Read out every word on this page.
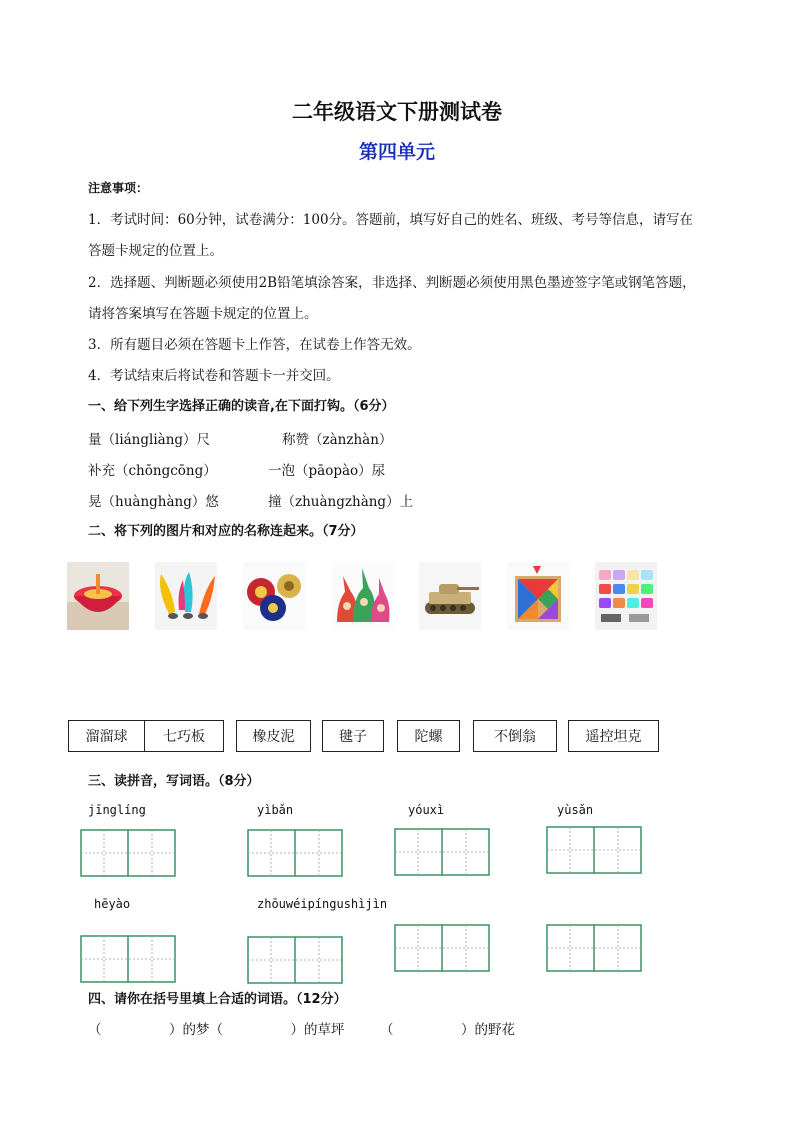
二年级语文下册测试卷
第四单元
注意事项：
1．考试时间：60分钟，试卷满分：100分。答题前，填写好自己的姓名、班级、考号等信息，请写在
答题卡规定的位置上。
2．选择题、判断题必须使用2B铅笔填涂答案，非选择、判断题必须使用黑色墨迹签字笔或钢笔答题，
请将答案填写在答题卡规定的位置上。
3．所有题目必须在答题卡上作答，在试卷上作答无效。
4．考试结束后将试卷和答题卡一并交回。
一、给下列生字选择正确的读音,在下面打钩。（6分）
量（liángliàng）尺	称赞（zànzhàn）
补充（chōngcōng）	一泡（pāopào）尿
晃（huànghàng）悠	撞（zhuàngzhàng）上
二、将下列的图片和对应的名称连起来。（7分）
溜溜球	七巧板	橡皮泥	毽子	陀螺	不倒翁	遥控坦克
三、读拼音，写词语。（8分）
jīnglíng	yìbǎn	yóuxì	yùsǎn
hēyào	zhōuwéipíngushìjìn
四、请你在括号里填上合适的词语。（12分）
（　　　　　）的梦（　　　　　）的草坪	（　　　　　）的野花
